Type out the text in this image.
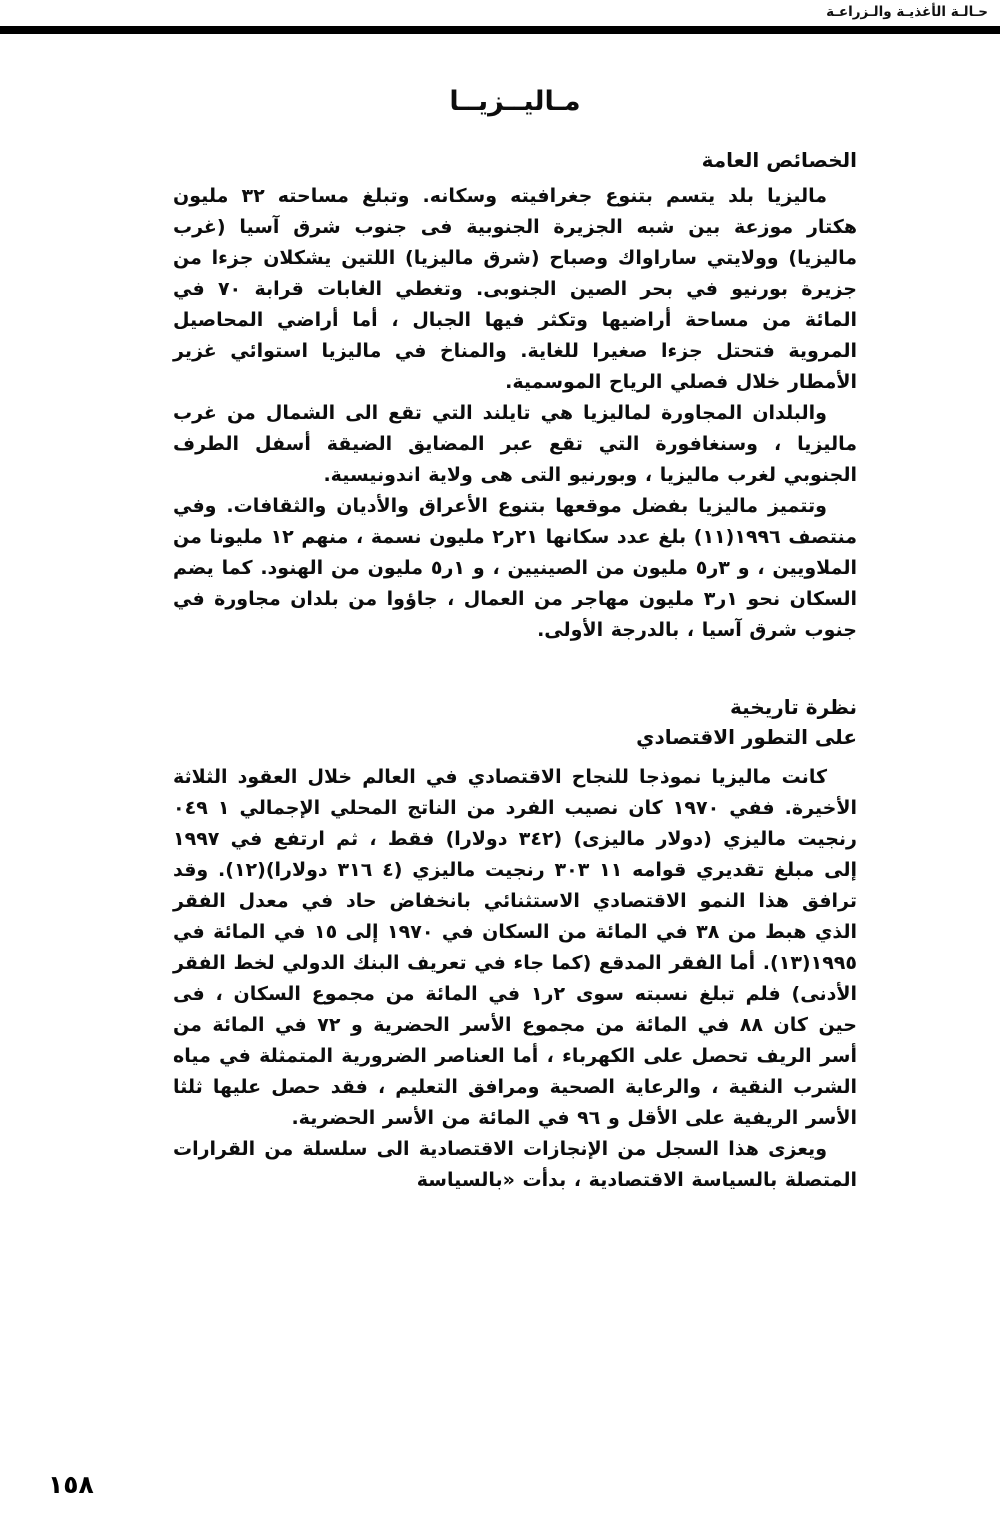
حـالـة الأغذيـة والـزراعـة
مـاليــزيــا
الخصائص العامة

ماليزيا بلد يتسم بتنوع جغرافيته وسكانه. وتبلغ مساحته ٣٢ مليون هكتار موزعة بين شبه الجزيرة الجنوبية فى جنوب شرق آسيا (غرب ماليزيا) وولايتي ساراواك وصباح (شرق ماليزيا) اللتين يشكلان جزءا من جزيرة بورنيو في بحر الصين الجنوبى. وتغطي الغابات قرابة ٧٠ في المائة من مساحة أراضيها وتكثر فيها الجبال ، أما أراضي المحاصيل المروية فتحتل جزءا صغيرا للغاية. والمناخ في ماليزيا استوائي غزير الأمطار خلال فصلي الرياح الموسمية.

والبلدان المجاورة لماليزيا هي تايلند التي تقع الى الشمال من غرب ماليزيا ، وسنغافورة التي تقع عبر المضايق الضيقة أسفل الطرف الجنوبي لغرب ماليزيا ، وبورنيو التى هى ولاية اندونيسية.

وتتميز ماليزيا بفضل موقعها بتنوع الأعراق والأديان والثقافات. وفي منتصف ١٩٩٦(١١) بلغ عدد سكانها ٢١ر٢ مليون نسمة ، منهم ١٢ مليونا من الملاويين ، و ٣ر٥ مليون من الصينيين ، و ١ر٥ مليون من الهنود. كما يضم السكان نحو ١ر٣ مليون مهاجر من العمال ، جاؤوا من بلدان مجاورة في جنوب شرق آسيا ، بالدرجة الأولى.

نظرة تاريخية
على التطور الاقتصادي

كانت ماليزيا نموذجا للنجاح الاقتصادي في العالم خلال العقود الثلاثة الأخيرة. ففي ١٩٧٠ كان نصيب الفرد من الناتج المحلي الإجمالي ١ ٠٤٩ رنجيت ماليزي (دولار ماليزى) (٣٤٢ دولارا) فقط ، ثم ارتفع في ١٩٩٧ إلى مبلغ تقديري قوامه ١١ ٣٠٣ رنجيت ماليزي (٤ ٣١٦ دولارا)(١٢). وقد ترافق هذا النمو الاقتصادي الاستثنائي بانخفاض حاد في معدل الفقر الذي هبط من ٣٨ في المائة من السكان في ١٩٧٠ إلى ١٥ في المائة في ١٩٩٥(١٣). أما الفقر المدقع (كما جاء في تعريف البنك الدولي لخط الفقر الأدنى) فلم تبلغ نسبته سوى ٢ر١ في المائة من مجموع السكان ، فى حين كان ٨٨ في المائة من مجموع الأسر الحضرية و ٧٢ في المائة من أسر الريف تحصل على الكهرباء ، أما العناصر الضرورية المتمثلة في مياه الشرب النقية ، والرعاية الصحية ومرافق التعليم ، فقد حصل عليها ثلثا الأسر الريفية على الأقل و ٩٦ في المائة من الأسر الحضرية.

ويعزى هذا السجل من الإنجازات الاقتصادية الى سلسلة من القرارات المتصلة بالسياسة الاقتصادية ، بدأت «بالسياسة

١٥٨
